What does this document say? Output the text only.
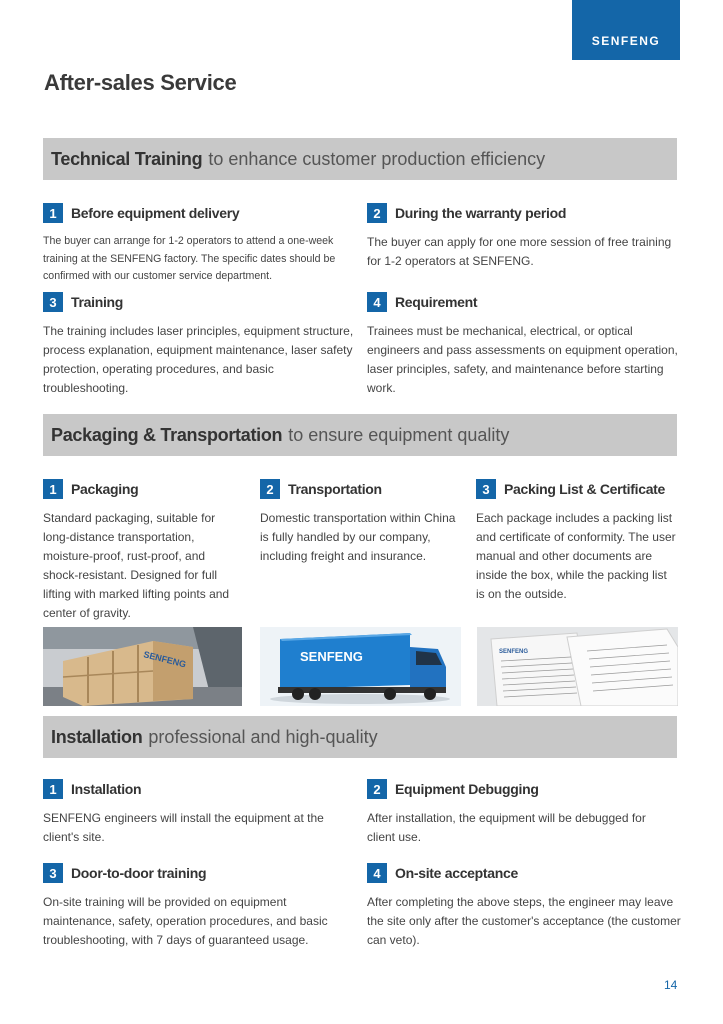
SENFENG
After-sales Service
Technical Training to enhance customer production efficiency
1	Before equipment delivery
The buyer can arrange for 1-2 operators to attend a one-week training at the SENFENG factory. The specific dates should be confirmed with our customer service department.
2	During the warranty period
The buyer can apply for one more session of free training for 1-2 operators at SENFENG.
3	Training
The training includes laser principles, equipment structure, process explanation, equipment maintenance, laser safety protection, operating procedures, and basic troubleshooting.
4	Requirement
Trainees must be mechanical, electrical, or optical engineers and pass assessments on equipment operation, laser principles, safety, and maintenance before starting work.
Packaging & Transportation to ensure equipment quality
1	Packaging
Standard packaging, suitable for long-distance transportation, moisture-proof, rust-proof, and shock-resistant. Designed for full lifting with marked lifting points and center of gravity.
2	Transportation
Domestic transportation within China is fully handled by our company, including freight and insurance.
3	Packing List & Certificate
Each package includes a packing list and certificate of conformity. The user manual and other documents are inside the box, while the packing list is on the outside.
SENFENG	SENFENG	SENFENG
Installation professional and high-quality
1	Installation
SENFENG engineers will install the equipment at the client's site.
2	Equipment Debugging
After installation, the equipment will be debugged for client use.
3	Door-to-door training
On-site training will be provided on equipment maintenance, safety, operation procedures, and basic troubleshooting, with 7 days of guaranteed usage.
4	On-site acceptance
After completing the above steps, the engineer may leave the site only after the customer's acceptance (the customer can veto).
14
